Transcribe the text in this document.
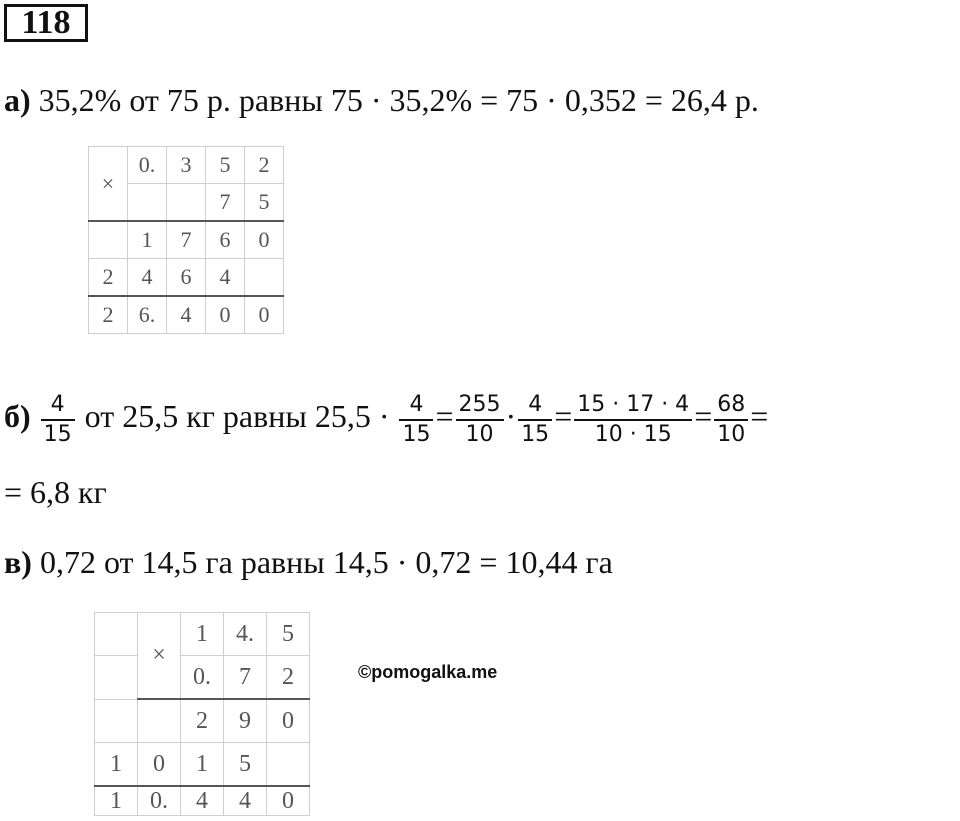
118
а) 35,2% от 75 р. равны 75 · 35,2% = 75 · 0,352 = 26,4 р.
×	0.	3	5	2
			7	5
	1	7	6	0
2	4	6	4	
2	6.	4	0	0
$б) \frac{4}{15}$ от 25,5 кг равны $25,5 \cdot \frac{4}{15} = \frac{255}{10} \cdot \frac{4}{15} = \frac{15 \cdot 17 \cdot 4}{10 \cdot 15} = \frac{68}{10}$ =
= 6,8 кг
в) 0,72 от 14,5 га равны 14,5 · 0,72 = 10,44 га
	×	1	4.	5
		0.	7	2
		2	9	0
1	0	1	5	
1	0.	4	4	0
©pomogalka.me
